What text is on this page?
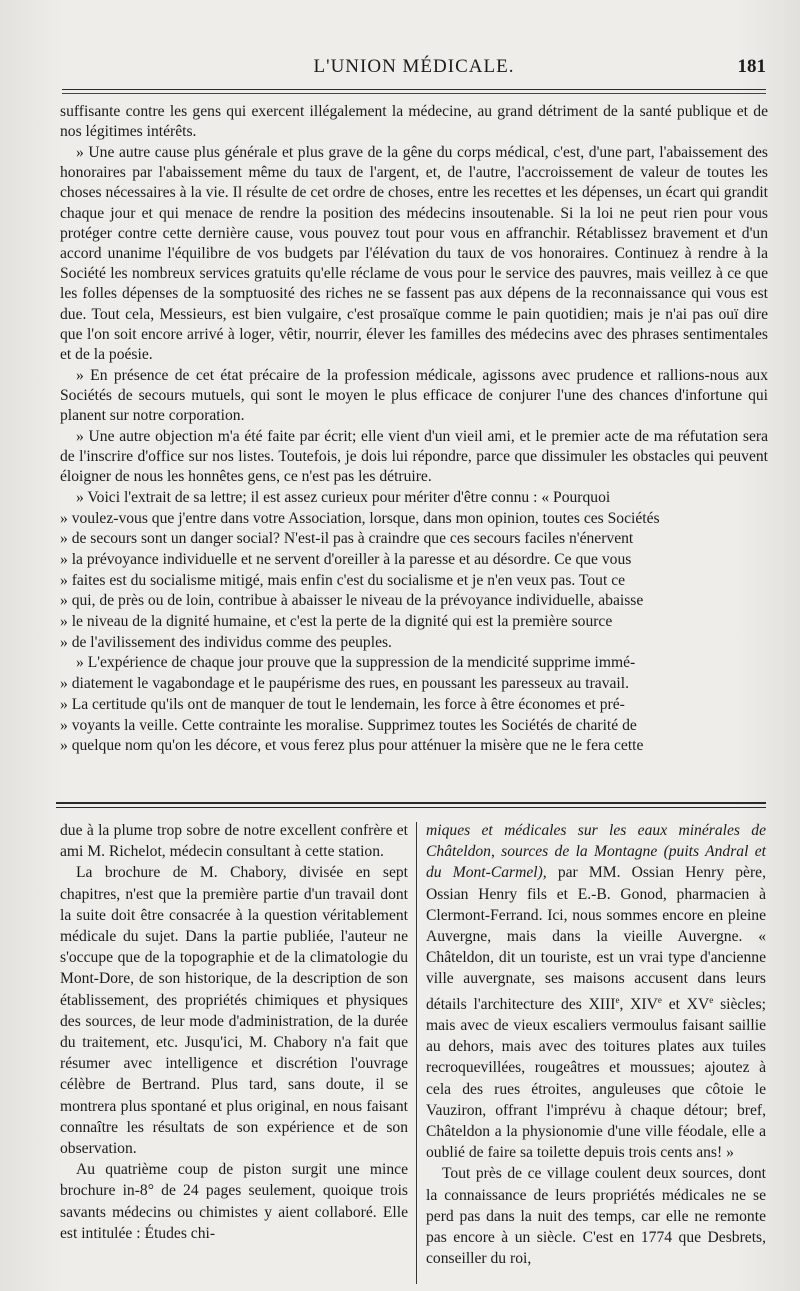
L'UNION MÉDICALE.	181

suffisante contre les gens qui exercent illégalement la médecine, au grand détriment de la santé publique et de nos légitimes intérêts.

» Une autre cause plus générale et plus grave de la gêne du corps médical, c'est, d'une part, l'abaissement des honoraires par l'abaissement même du taux de l'argent, et, de l'autre, l'accroissement de valeur de toutes les choses nécessaires à la vie. Il résulte de cet ordre de choses, entre les recettes et les dépenses, un écart qui grandit chaque jour et qui menace de rendre la position des médecins insoutenable. Si la loi ne peut rien pour vous protéger contre cette dernière cause, vous pouvez tout pour vous en affranchir. Rétablissez bravement et d'un accord unanime l'équilibre de vos budgets par l'élévation du taux de vos honoraires. Continuez à rendre à la Société les nombreux services gratuits qu'elle réclame de vous pour le service des pauvres, mais veillez à ce que les folles dépenses de la somptuosité des riches ne se fassent pas aux dépens de la reconnaissance qui vous est due. Tout cela, Messieurs, est bien vulgaire, c'est prosaïque comme le pain quotidien; mais je n'ai pas ouï dire que l'on soit encore arrivé à loger, vêtir, nourrir, élever les familles des médecins avec des phrases sentimentales et de la poésie.

» En présence de cet état précaire de la profession médicale, agissons avec prudence et rallions-nous aux Sociétés de secours mutuels, qui sont le moyen le plus efficace de conjurer l'une des chances d'infortune qui planent sur notre corporation.

» Une autre objection m'a été faite par écrit; elle vient d'un vieil ami, et le premier acte de ma réfutation sera de l'inscrire d'office sur nos listes. Toutefois, je dois lui répondre, parce que dissimuler les obstacles qui peuvent éloigner de nous les honnêtes gens, ce n'est pas les détruire.

» Voici l'extrait de sa lettre; il est assez curieux pour mériter d'être connu : « Pourquoi

» voulez-vous que j'entre dans votre Association, lorsque, dans mon opinion, toutes ces Sociétés

» de secours sont un danger social? N'est-il pas à craindre que ces secours faciles n'énervent

» la prévoyance individuelle et ne servent d'oreiller à la paresse et au désordre. Ce que vous

» faites est du socialisme mitigé, mais enfin c'est du socialisme et je n'en veux pas. Tout ce

» qui, de près ou de loin, contribue à abaisser le niveau de la prévoyance individuelle, abaisse

» le niveau de la dignité humaine, et c'est la perte de la dignité qui est la première source

» de l'avilissement des individus comme des peuples.

» L'expérience de chaque jour prouve que la suppression de la mendicité supprime immé-

» diatement le vagabondage et le paupérisme des rues, en poussant les paresseux au travail.

» La certitude qu'ils ont de manquer de tout le lendemain, les force à être économes et pré-

» voyants la veille. Cette contrainte les moralise. Supprimez toutes les Sociétés de charité de

» quelque nom qu'on les décore, et vous ferez plus pour atténuer la misère que ne le fera cette

due à la plume trop sobre de notre excellent confrère et ami M. Richelot, médecin consultant à cette station.

La brochure de M. Chabory, divisée en sept chapitres, n'est que la première partie d'un travail dont la suite doit être consacrée à la question véritablement médicale du sujet. Dans la partie publiée, l'auteur ne s'occupe que de la topographie et de la climatologie du Mont-Dore, de son historique, de la description de son établissement, des propriétés chimiques et physiques des sources, de leur mode d'administration, de la durée du traitement, etc. Jusqu'ici, M. Chabory n'a fait que résumer avec intelligence et discrétion l'ouvrage célèbre de Bertrand. Plus tard, sans doute, il se montrera plus spontané et plus original, en nous faisant connaître les résultats de son expérience et de son observation.

Au quatrième coup de piston surgit une mince brochure in-8° de 24 pages seulement, quoique trois savants médecins ou chimistes y aient collaboré. Elle est intitulée : Études chi-

miques et médicales sur les eaux minérales de Châteldon, sources de la Montagne (puits Andral et du Mont-Carmel), par MM. Ossian Henry père, Ossian Henry fils et E.-B. Gonod, pharmacien à Clermont-Ferrand. Ici, nous sommes encore en pleine Auvergne, mais dans la vieille Auvergne. « Châteldon, dit un touriste, est un vrai type d'ancienne ville auvergnate, ses maisons accusent dans leurs détails l'architecture des XIIIe, XIVe et XVe siècles; mais avec de vieux escaliers vermoulus faisant saillie au dehors, mais avec des toitures plates aux tuiles recroquevillées, rougeâtres et moussues; ajoutez à cela des rues étroites, anguleuses que côtoie le Vauziron, offrant l'imprévu à chaque détour; bref, Châteldon a la physionomie d'une ville féodale, elle a oublié de faire sa toilette depuis trois cents ans! »

Tout près de ce village coulent deux sources, dont la connaissance de leurs propriétés médicales ne se perd pas dans la nuit des temps, car elle ne remonte pas encore à un siècle. C'est en 1774 que Desbrets, conseiller du roi,
